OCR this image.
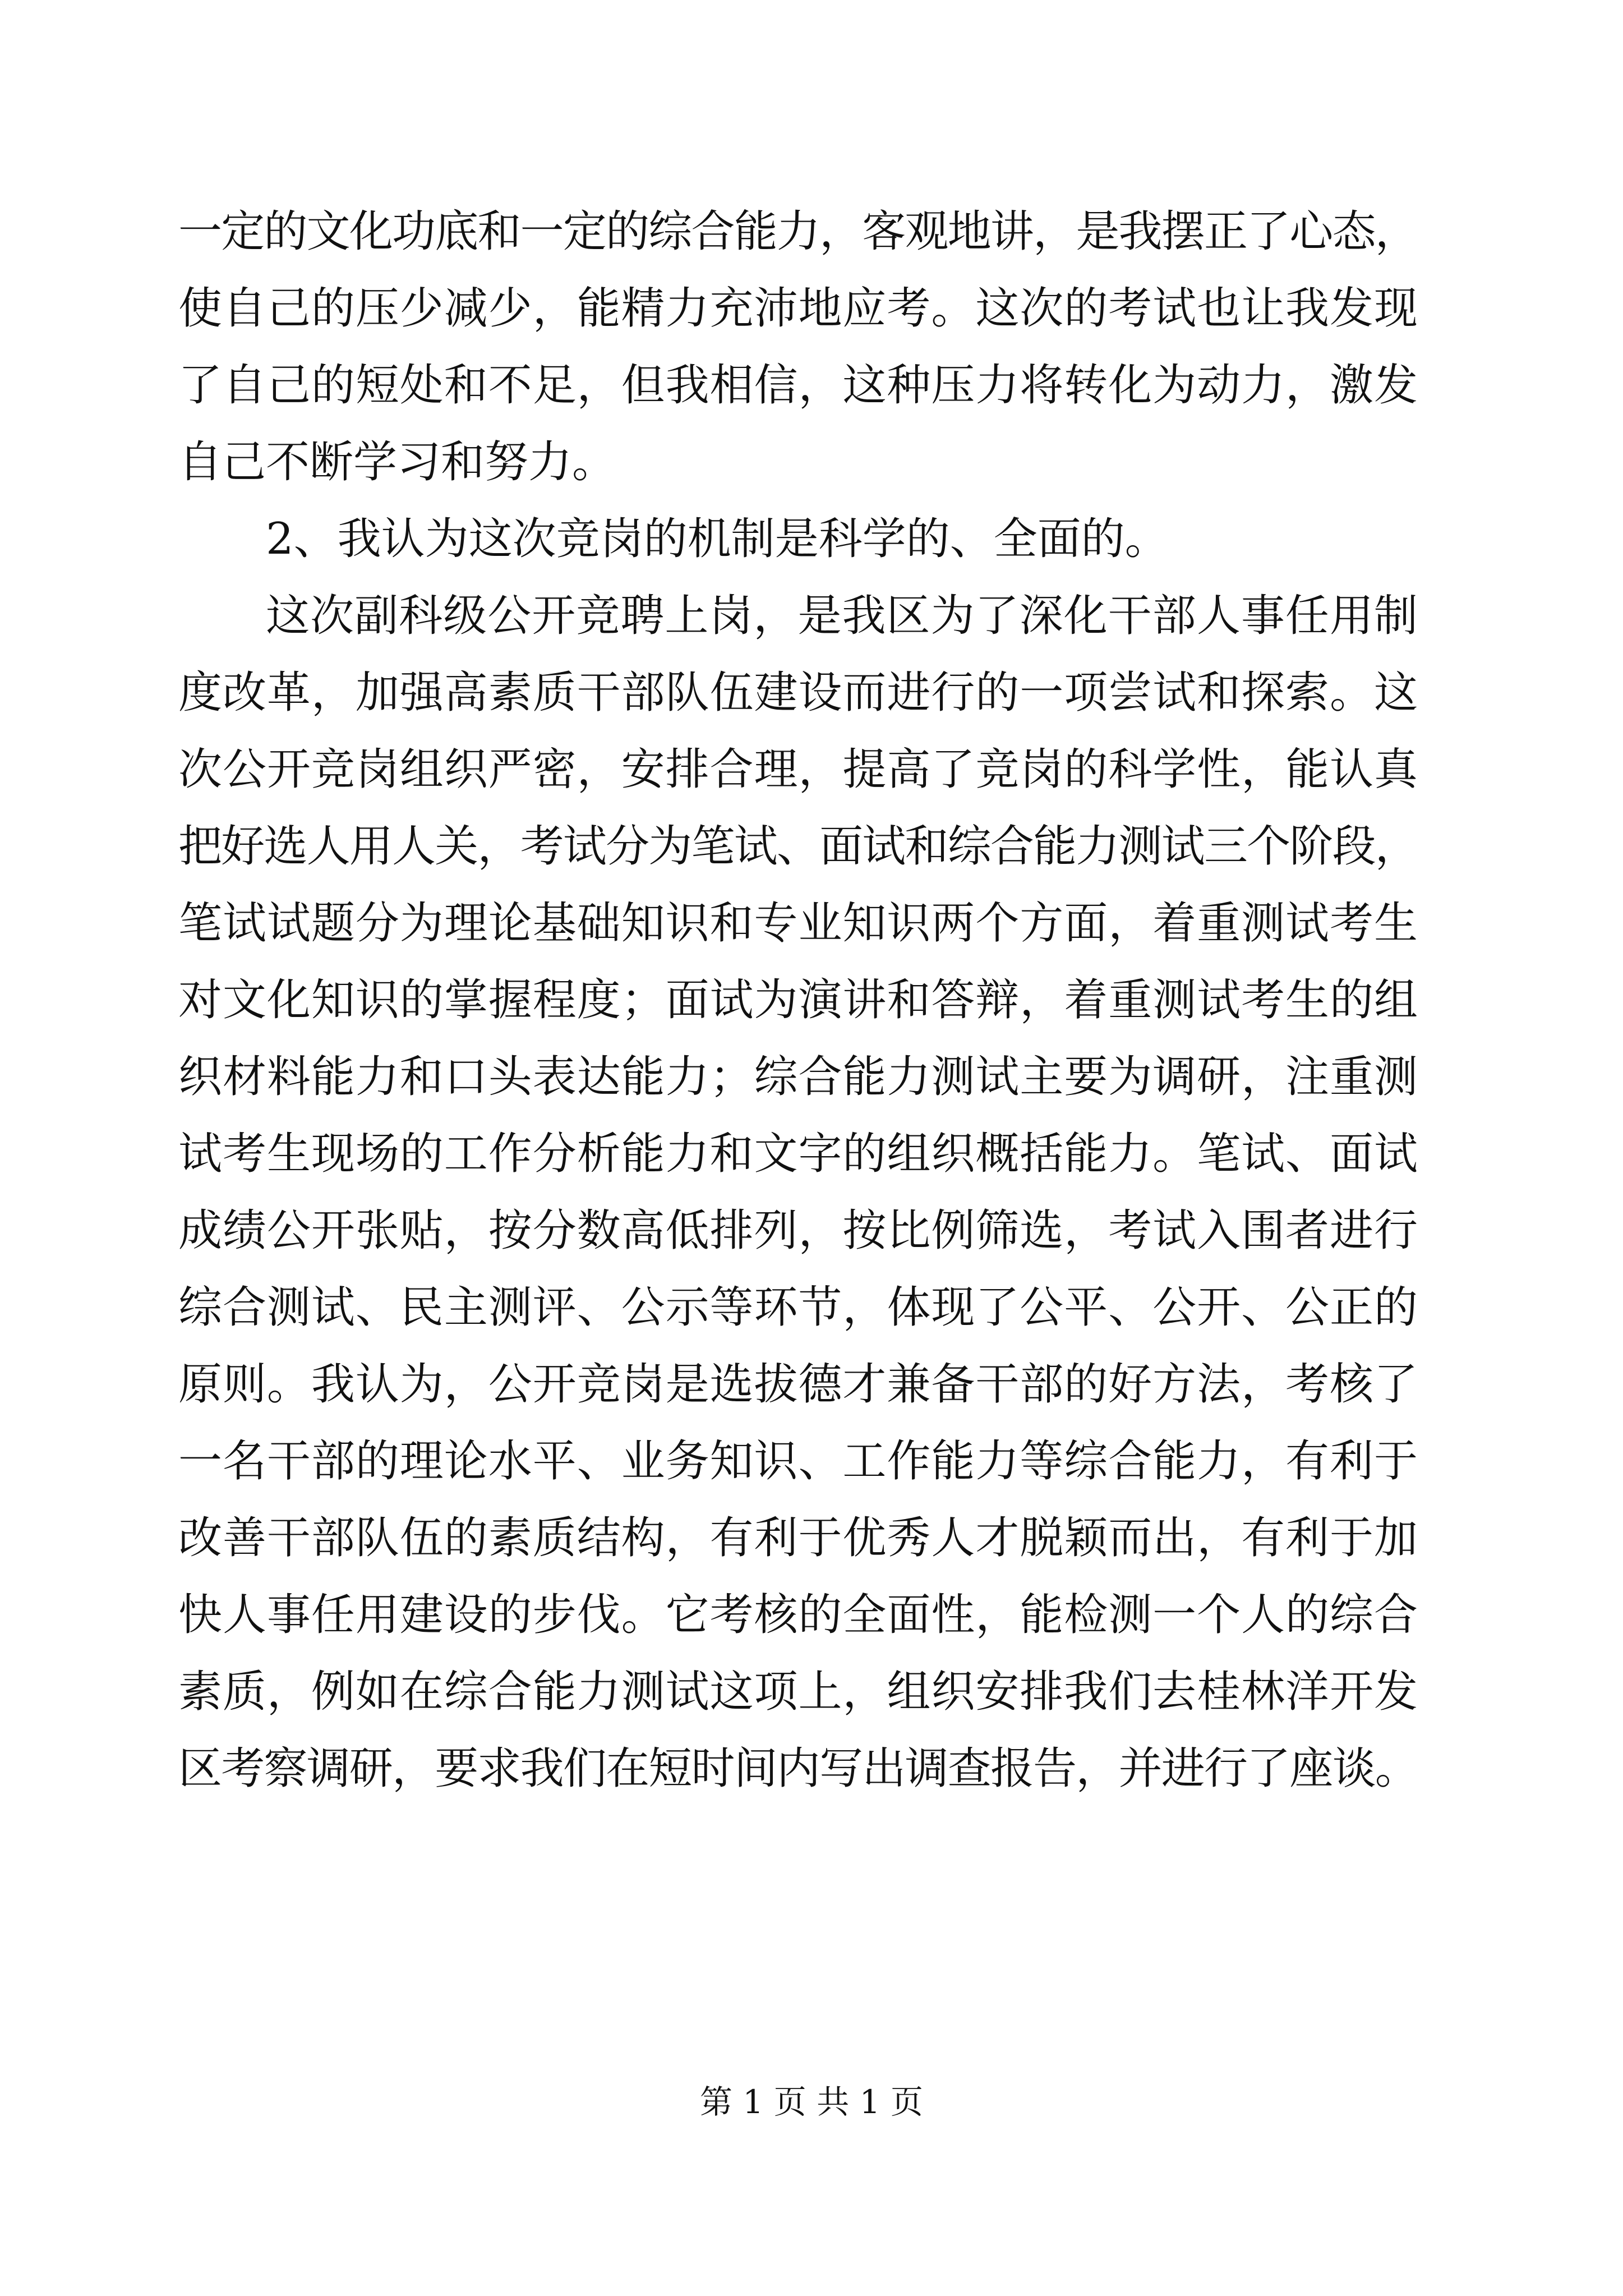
一定的文化功底和一定的综合能力，客观地讲，是我摆正了心态，
使自己的压少减少，能精力充沛地应考。这次的考试也让我发现
了自己的短处和不足，但我相信，这种压力将转化为动力，激发
自己不断学习和努力。
2、我认为这次竞岗的机制是科学的、全面的。
这次副科级公开竞聘上岗，是我区为了深化干部人事任用制
度改革，加强高素质干部队伍建设而进行的一项尝试和探索。这
次公开竞岗组织严密，安排合理，提高了竞岗的科学性，能认真
把好选人用人关，考试分为笔试、面试和综合能力测试三个阶段，
笔试试题分为理论基础知识和专业知识两个方面，着重测试考生
对文化知识的掌握程度；面试为演讲和答辩，着重测试考生的组
织材料能力和口头表达能力；综合能力测试主要为调研，注重测
试考生现场的工作分析能力和文字的组织概括能力。笔试、面试
成绩公开张贴，按分数高低排列，按比例筛选，考试入围者进行
综合测试、民主测评、公示等环节，体现了公平、公开、公正的
原则。我认为，公开竞岗是选拔德才兼备干部的好方法，考核了
一名干部的理论水平、业务知识、工作能力等综合能力，有利于
改善干部队伍的素质结构，有利于优秀人才脱颖而出，有利于加
快人事任用建设的步伐。它考核的全面性，能检测一个人的综合
素质，例如在综合能力测试这项上，组织安排我们去桂林洋开发
区考察调研，要求我们在短时间内写出调查报告，并进行了座谈。
第 1 页 共 1 页
